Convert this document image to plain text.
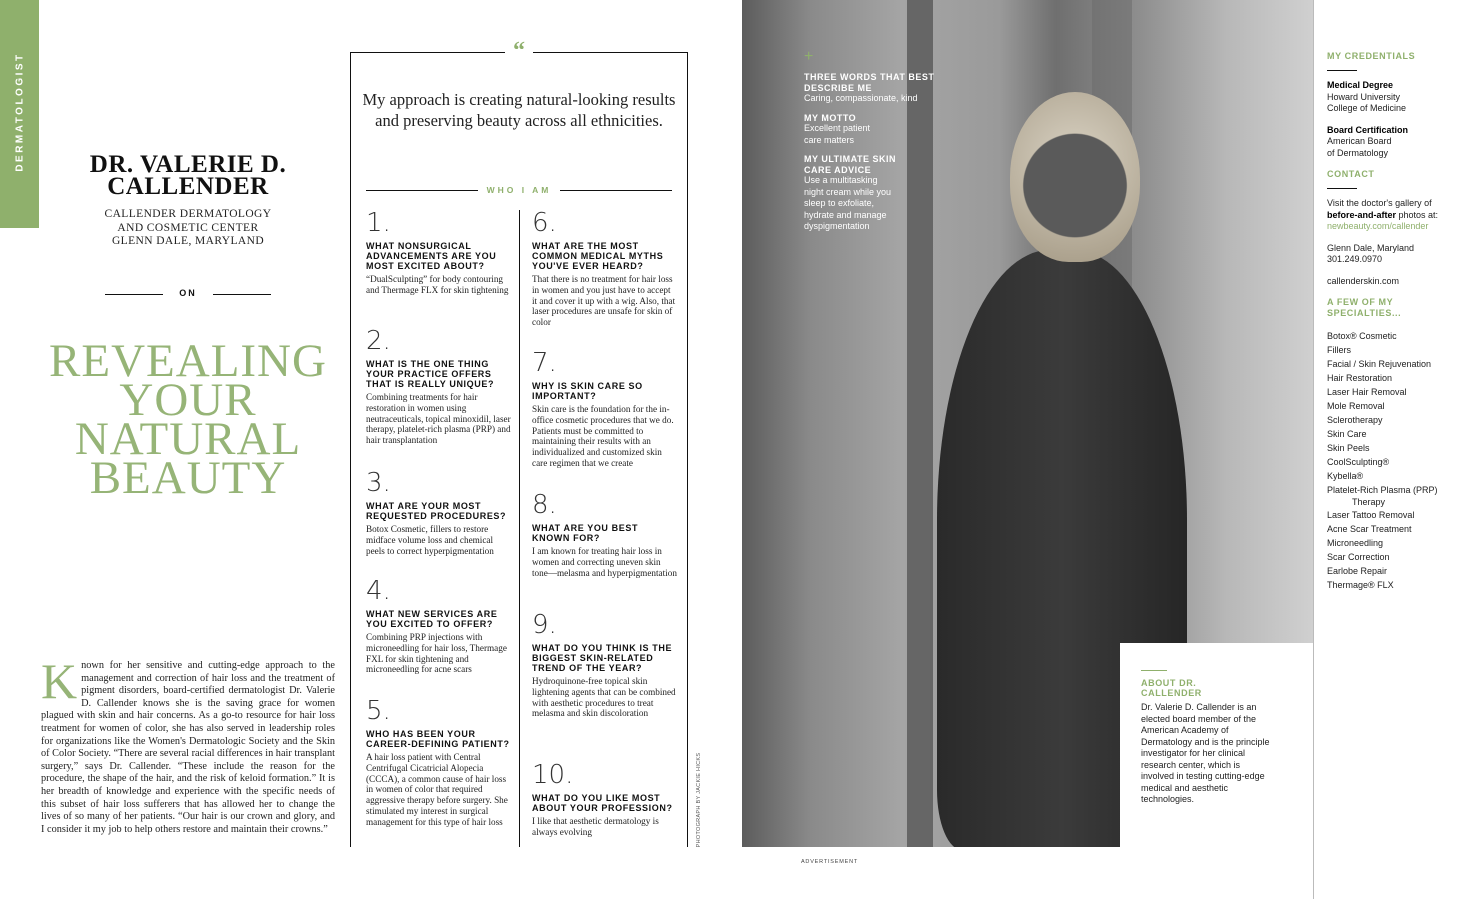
DERMATOLOGIST	DR. VALERIE D. CALLENDER
CALLENDER DERMATOLOGY
AND COSMETIC CENTER
GLENN DALE, MARYLAND
ON
REVEALING
YOUR
NATURAL
BEAUTY
Known for her sensitive and cutting-edge approach to the management and correction of hair loss and the treatment of pigment disorders, board-certified dermatologist Dr. Valerie D. Callender knows she is the saving grace for women plagued with skin and hair concerns. As a go-to resource for hair loss treatment for women of color, she has also served in leadership roles for organizations like the Women's Dermatologic Society and the Skin of Color Society. “There are several racial differences in hair transplant surgery,” says Dr. Callender. “These include the reason for the procedure, the shape of the hair, and the risk of keloid formation.” It is her breadth of knowledge and experience with the specific needs of this subset of hair loss sufferers that has allowed her to change the lives of so many of her patients. “Our hair is our crown and glory, and I consider it my job to help others restore and maintain their crowns.”
“
My approach is creating natural-looking results and preserving beauty across all ethnicities.
WHO I AM
1.
WHAT NONSURGICAL ADVANCEMENTS ARE YOU MOST EXCITED ABOUT?

“DualSculpting” for body contouring and Thermage FLX for skin tightening

2.
WHAT IS THE ONE THING YOUR PRACTICE OFFERS THAT IS REALLY UNIQUE?

Combining treatments for hair restoration in women using neutraceuticals, topical minoxidil, laser therapy, platelet-rich plasma (PRP) and hair transplantation

3.
WHAT ARE YOUR MOST REQUESTED PROCEDURES?

Botox Cosmetic, fillers to restore midface volume loss and chemical peels to correct hyperpigmentation

4.
WHAT NEW SERVICES ARE YOU EXCITED TO OFFER?

Combining PRP injections with microneedling for hair loss, Thermage FXL for skin tightening and microneedling for acne scars

5.
WHO HAS BEEN YOUR CAREER-DEFINING PATIENT?

A hair loss patient with Central Centrifugal Cicatricial Alopecia (CCCA), a common cause of hair loss in women of color that required aggressive therapy before surgery. She stimulated my interest in surgical management for this type of hair loss

6.
WHAT ARE THE MOST COMMON MEDICAL MYTHS YOU'VE EVER HEARD?

That there is no treatment for hair loss in women and you just have to accept it and cover it up with a wig. Also, that laser procedures are unsafe for skin of color

7.
WHY IS SKIN CARE SO IMPORTANT?

Skin care is the foundation for the in-office cosmetic procedures that we do. Patients must be committed to maintaining their results with an individualized and customized skin care regimen that we create

8.
WHAT ARE YOU BEST KNOWN FOR?

I am known for treating hair loss in women and correcting uneven skin tone—melasma and hyperpigmentation

9.
WHAT DO YOU THINK IS THE BIGGEST SKIN-RELATED TREND OF THE YEAR?

Hydroquinone-free topical skin lightening agents that can be combined with aesthetic procedures to treat melasma and skin discoloration

10.
WHAT DO YOU LIKE MOST ABOUT YOUR PROFESSION?

I like that aesthetic dermatology is always evolving	PHOTOGRAPH BY JACKIE HICKS
+
THREE WORDS THAT BEST DESCRIBE ME

Caring, compassionate, kind

MY MOTTO

Excellent patient care matters

MY ULTIMATE SKIN CARE ADVICE

Use a multitasking night cream while you sleep to exfoliate, hydrate and manage dyspigmentation

ABOUT DR. CALLENDER

Dr. Valerie D. Callender is an elected board member of the American Academy of Dermatology and is the principle investigator for her clinical research center, which is involved in testing cutting-edge medical and aesthetic technologies.

MY CREDENTIALS
Medical Degree
Howard University
College of Medicine
Board Certification
American Board
of Dermatology
CONTACT
Visit the doctor's gallery of
before-and-after photos at:
newbeauty.com/callender
Glenn Dale, Maryland
301.249.0970
callenderskin.com
A FEW OF MY SPECIALTIES...
Botox® Cosmetic
Fillers
Facial / Skin Rejuvenation
Hair Restoration
Laser Hair Removal
Mole Removal
Sclerotherapy
Skin Care
Skin Peels
CoolSculpting®
Kybella®
Platelet-Rich Plasma (PRP)
Therapy
Laser Tattoo Removal
Acne Scar Treatment
Microneedling
Scar Correction
Earlobe Repair
Thermage® FLX
ADVERTISEMENT
